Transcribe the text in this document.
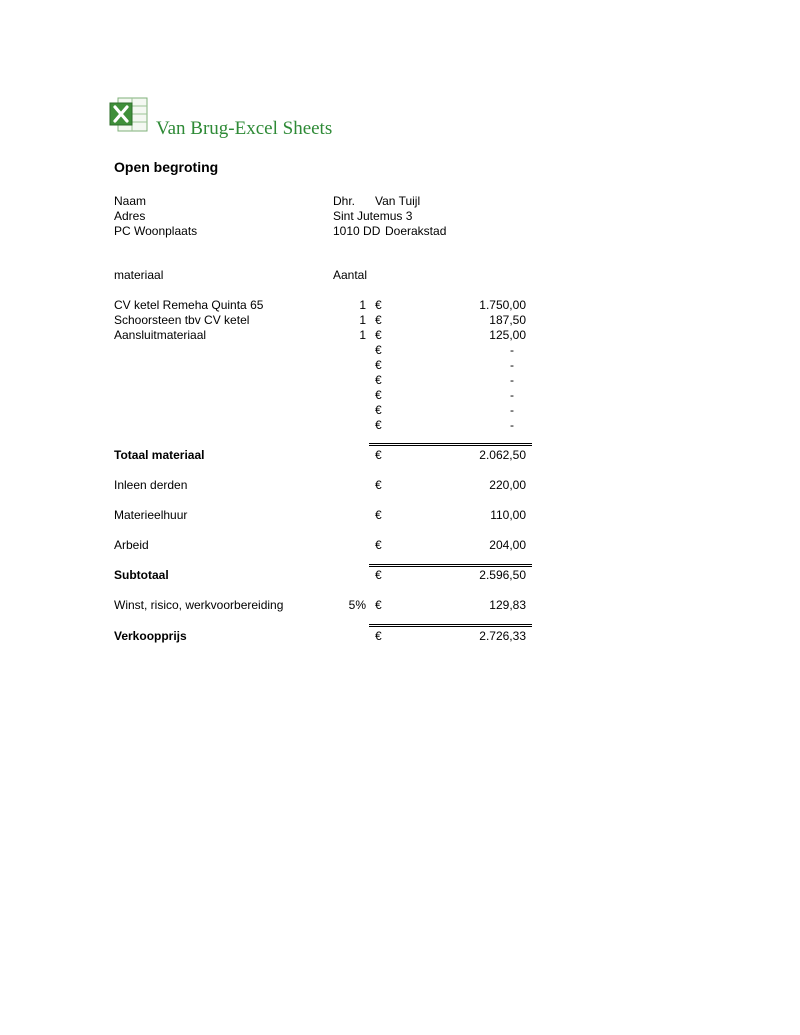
Van Brug-Excel Sheets
Open begroting
Naam	Dhr. Van Tuijl
Adres	Sint Jutemus 3
PC Woonplaats	1010 DD Doerakstad
materiaal	Aantal
CV ketel Remeha Quinta 65	1 €	1.750,00
Schoorsteen tbv CV ketel	1 €	187,50
Aansluitmateriaal	1 €	125,00
€	-
€	-
€	-
€	-
€	-
€	-
Totaal materiaal	€	2.062,50
Inleen derden	€	220,00
Materieelhuur	€	110,00
Arbeid	€	204,00
Subtotaal	€	2.596,50
Winst, risico, werkvoorbereiding	5% €	129,83
Verkoopprijs	€	2.726,33
